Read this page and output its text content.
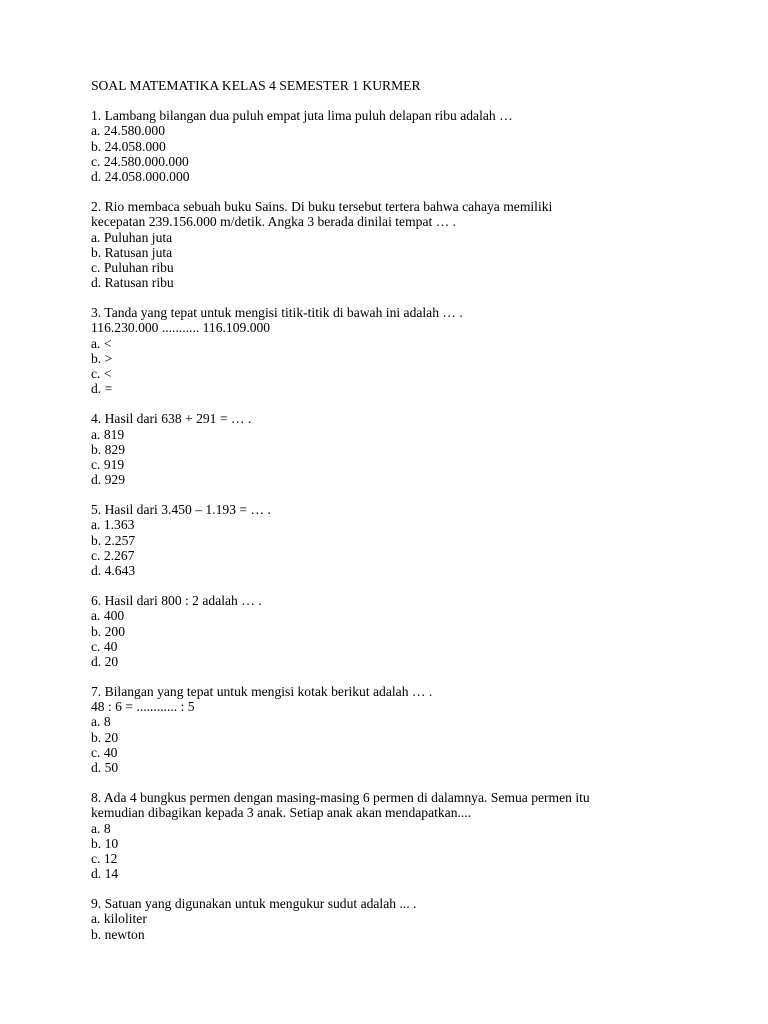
SOAL MATEMATIKA KELAS 4 SEMESTER 1 KURMER
1. Lambang bilangan dua puluh empat juta lima puluh delapan ribu adalah …
a. 24.580.000
b. 24.058.000
c. 24.580.000.000
d. 24.058.000.000
2. Rio membaca sebuah buku Sains. Di buku tersebut tertera bahwa cahaya memiliki
kecepatan 239.156.000 m/detik. Angka 3 berada dinilai tempat … .
a. Puluhan juta
b. Ratusan juta
c. Puluhan ribu
d. Ratusan ribu
3. Tanda yang tepat untuk mengisi titik-titik di bawah ini adalah … .
116.230.000 ........... 116.109.000
a. <
b. >
c. <
d. =
4. Hasil dari 638 + 291 = … .
a. 819
b. 829
c. 919
d. 929
5. Hasil dari 3.450 – 1.193 = … .
a. 1.363
b. 2.257
c. 2.267
d. 4.643
6. Hasil dari 800 : 2 adalah … .
a. 400
b. 200
c. 40
d. 20
7. Bilangan yang tepat untuk mengisi kotak berikut adalah … .
48 : 6 = ............ : 5
a. 8
b. 20
c. 40
d. 50
8. Ada 4 bungkus permen dengan masing-masing 6 permen di dalamnya. Semua permen itu
kemudian dibagikan kepada 3 anak. Setiap anak akan mendapatkan....
a. 8
b. 10
c. 12
d. 14
9. Satuan yang digunakan untuk mengukur sudut adalah ... .
a. kiloliter
b. newton
